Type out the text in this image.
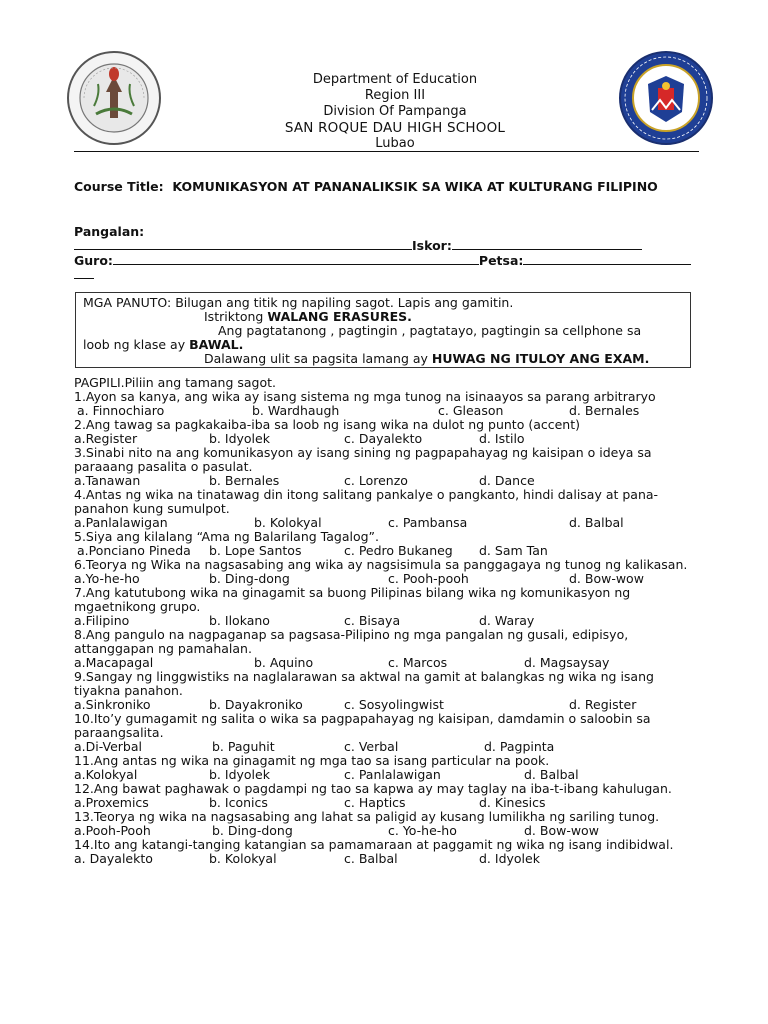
Department of Education
Region III
Division Of Pampanga
SAN ROQUE DAU HIGH SCHOOL
Lubao
Course Title: KOMUNIKASYON AT PANANALIKSIK SA WIKA AT KULTURANG FILIPINO
Pangalan:
Iskor:
Guro:	Petsa:
MGA PANUTO: Bilugan ang titik ng napiling sagot. Lapis ang gamitin.
Istriktong WALANG ERASURES.
Ang pagtatanong , pagtingin , pagtatayo, pagtingin sa cellphone sa
loob ng klase ay BAWAL.
Dalawang ulit sa pagsita lamang ay HUWAG NG ITULOY ANG EXAM.
PAGPILI.Piliin ang tamang sagot.
1.Ayon sa kanya, ang wika ay isang sistema ng mga tunog na isinaayos sa parang arbitraryo
a. Finnochiaro	b. Wardhaugh	c. Gleason	d. Bernales
2.Ang tawag sa pagkakaiba-iba sa loob ng isang wika na dulot ng punto (accent)
a.Register	b. Idyolek	c. Dayalekto	d. Istilo
3.Sinabi nito na ang komunikasyon ay isang sining ng pagpapahayag ng kaisipan o ideya sa paraaang pasalita o pasulat.
a.Tanawan	b. Bernales	c. Lorenzo	d. Dance
4.Antas ng wika na tinatawag din itong salitang pankalye o pangkanto, hindi dalisay at pana- panahon kung sumulpot.
a.Panlalawigan	b. Kolokyal	c. Pambansa	d. Balbal
5.Siya ang kilalang “Ama ng Balarilang Tagalog”.
a.Ponciano Pineda b. Lope Santos	c. Pedro Bukaneg d. Sam Tan
6.Teorya ng Wika na nagsasabing ang wika ay nagsisimula sa panggagaya ng tunog ng kalikasan.
a.Yo-he-ho	b. Ding-dong	c. Pooh-pooh	d. Bow-wow
7.Ang katutubong wika na ginagamit sa buong Pilipinas bilang wika ng komunikasyon ng mgaetnikong grupo.
a.Filipino	b. Ilokano	c. Bisaya	d. Waray
8.Ang pangulo na nagpaganap sa pagsasa-Pilipino ng mga pangalan ng gusali, edipisyo, attanggapan ng pamahalan.
a.Macapagal	b. Aquino	c. Marcos	d. Magsaysay
9.Sangay ng linggwistiks na naglalarawan sa aktwal na gamit at balangkas ng wika ng isang tiyakna panahon.
a.Sinkroniko	b. Dayakroniko	c. Sosyolingwist	d. Register
10.Ito’y gumagamit ng salita o wika sa pagpapahayag ng kaisipan, damdamin o saloobin sa paraangsalita.
a.Di-Verbal	b. Paguhit	c. Verbal	d. Pagpinta
11.Ang antas ng wika na ginagamit ng mga tao sa isang particular na pook.
a.Kolokyal	b. Idyolek	c. Panlalawigan	d. Balbal
12.Ang bawat paghawak o pagdampi ng tao sa kapwa ay may taglay na iba-t-ibang kahulugan.
a.Proxemics	b. Iconics	c. Haptics	d. Kinesics
13.Teorya ng wika na nagsasabing ang lahat sa paligid ay kusang lumilikha ng sariling tunog.
a.Pooh-Pooh	b. Ding-dong	c. Yo-he-ho	d. Bow-wow
14.Ito ang katangi-tanging katangian sa pamamaraan at paggamit ng wika ng isang indibidwal.
a. Dayalekto	b. Kolokyal	c. Balbal	d. Idyolek
